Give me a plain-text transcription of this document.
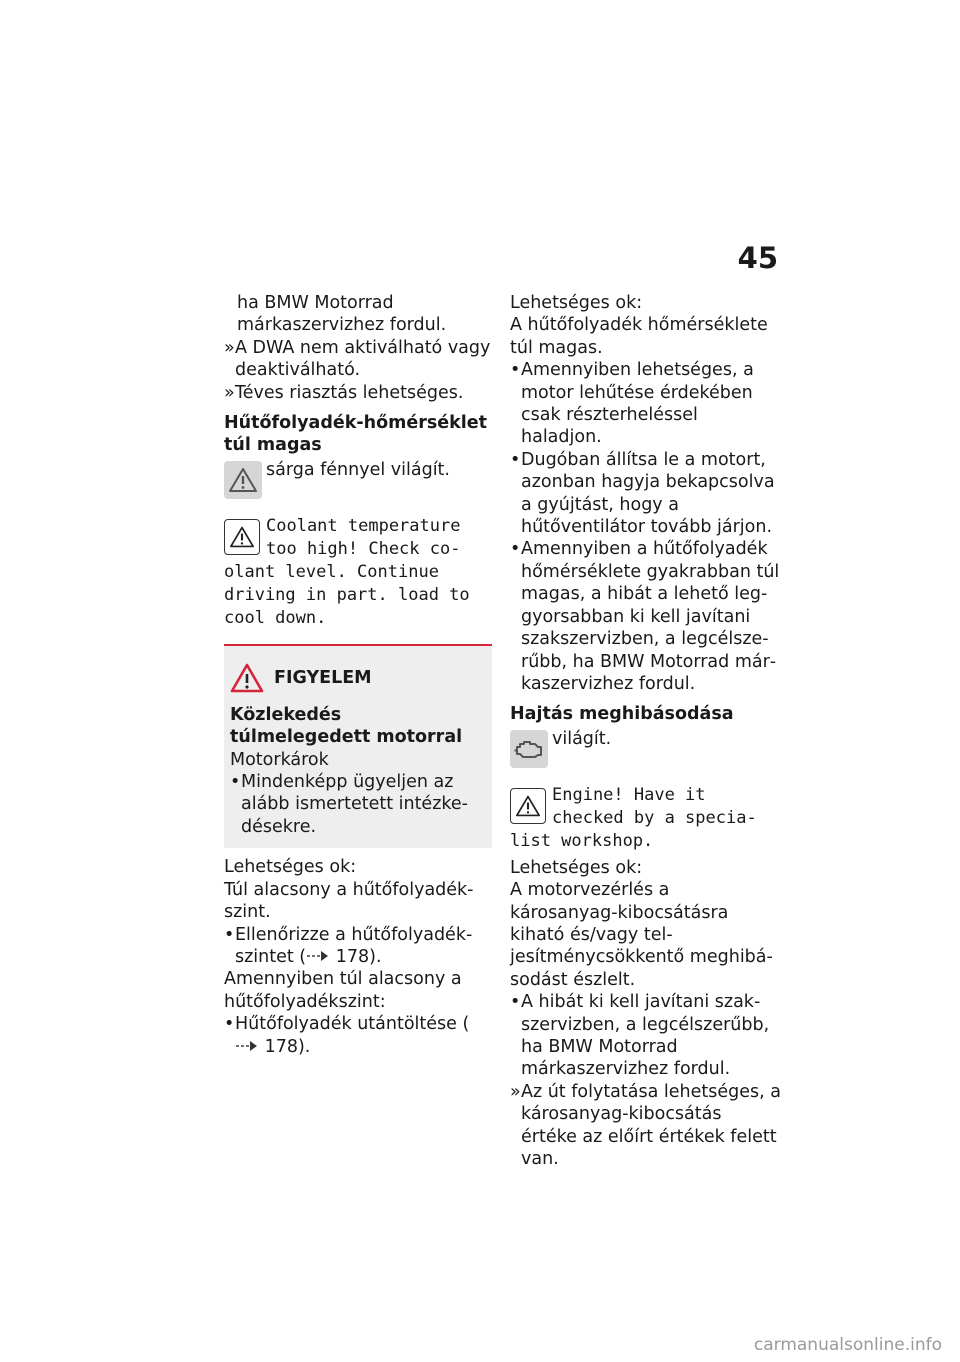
45

ha BMW Motorrad márkaszervizhez fordul.

» A DWA nem aktiválható vagy deaktiválható.

» Téves riasztás lehetséges.

Hűtőfolyadék-hőmérséklet túl magas

sárga fénnyel világít.
Coolant temperature
too high! Check co-
olant level. Continue
driving in part. load to
cool down.
FIGYELEM

Közlekedés túlmelegedett motorral

Motorkárok

• Mindenképp ügyeljen az alább ismertetett intézkedésekre.

Lehetséges ok:

Túl alacsony a hűtőfolyadékszint.

• Ellenőrizze a hűtőfolyadékszintet ( 178).

Amennyiben túl alacsony a hűtőfolyadékszint:

• Hűtőfolyadék utántöltése ( 178).

Lehetséges ok:

A hűtőfolyadék hőmérséklete túl magas.

• Amennyiben lehetséges, a motor lehűtése érdekében csak részterheléssel haladjon.

• Dugóban állítsa le a motort, azonban hagyja bekapcsolva a gyújtást, hogy a hűtőventilátor tovább járjon.

• Amennyiben a hűtőfolyadék hőmérséklete gyakrabban túl magas, a hibát a lehető leggyorsabban ki kell javítani szakszervizben, a legcélszerűbb, ha BMW Motorrad márkaszervizhez fordul.

Hajtás meghibásodása

világít.
Engine! Have it
checked by a specia-
list workshop.

Lehetséges ok:

A motorvezérlés a károsanyag-kibocsátásra kiható és/vagy teljesítménycsökkentő meghibásodást észlelt.

• A hibát ki kell javítani szakszervizben, a legcélszerűbb, ha BMW Motorrad márkaszervizhez fordul.

» Az út folytatása lehetséges, a károsanyag-kibocsátás értéke az előírt értékek felett van.

carmanualsonline.info
